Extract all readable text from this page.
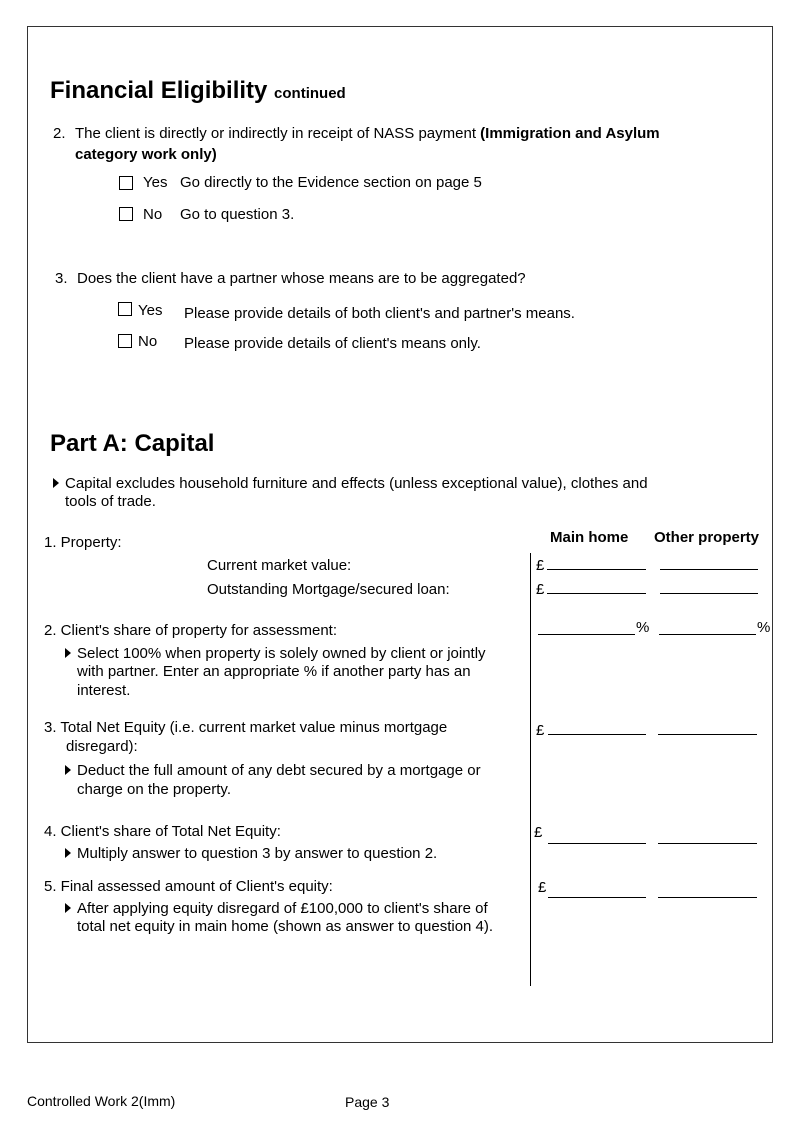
Financial Eligibility continued
2. The client is directly or indirectly in receipt of NASS payment (Immigration and Asylum
category work only)
Yes Go directly to the Evidence section on page 5
No Go to question 3.
3. Does the client have a partner whose means are to be aggregated?
Yes Please provide details of both client's and partner's means.
No Please provide details of client's means only.
Part A: Capital
Capital excludes household furniture and effects (unless exceptional value), clothes and
tools of trade.
Main home Other property
1. Property:
Current market value:
Outstanding Mortgage/secured loan:
£
£
2. Client's share of property for assessment:
Select 100% when property is solely owned by client or jointly
with partner. Enter an appropriate % if another party has an
interest.
%	%
3. Total Net Equity (i.e. current market value minus mortgage
disregard):
Deduct the full amount of any debt secured by a mortgage or
charge on the property.
£
4. Client's share of Total Net Equity:
Multiply answer to question 3 by answer to question 2.
£
5. Final assessed amount of Client's equity:
After applying equity disregard of £100,000 to client's share of
total net equity in main home (shown as answer to question 4).
£
Controlled Work 2(Imm)	Page 3
